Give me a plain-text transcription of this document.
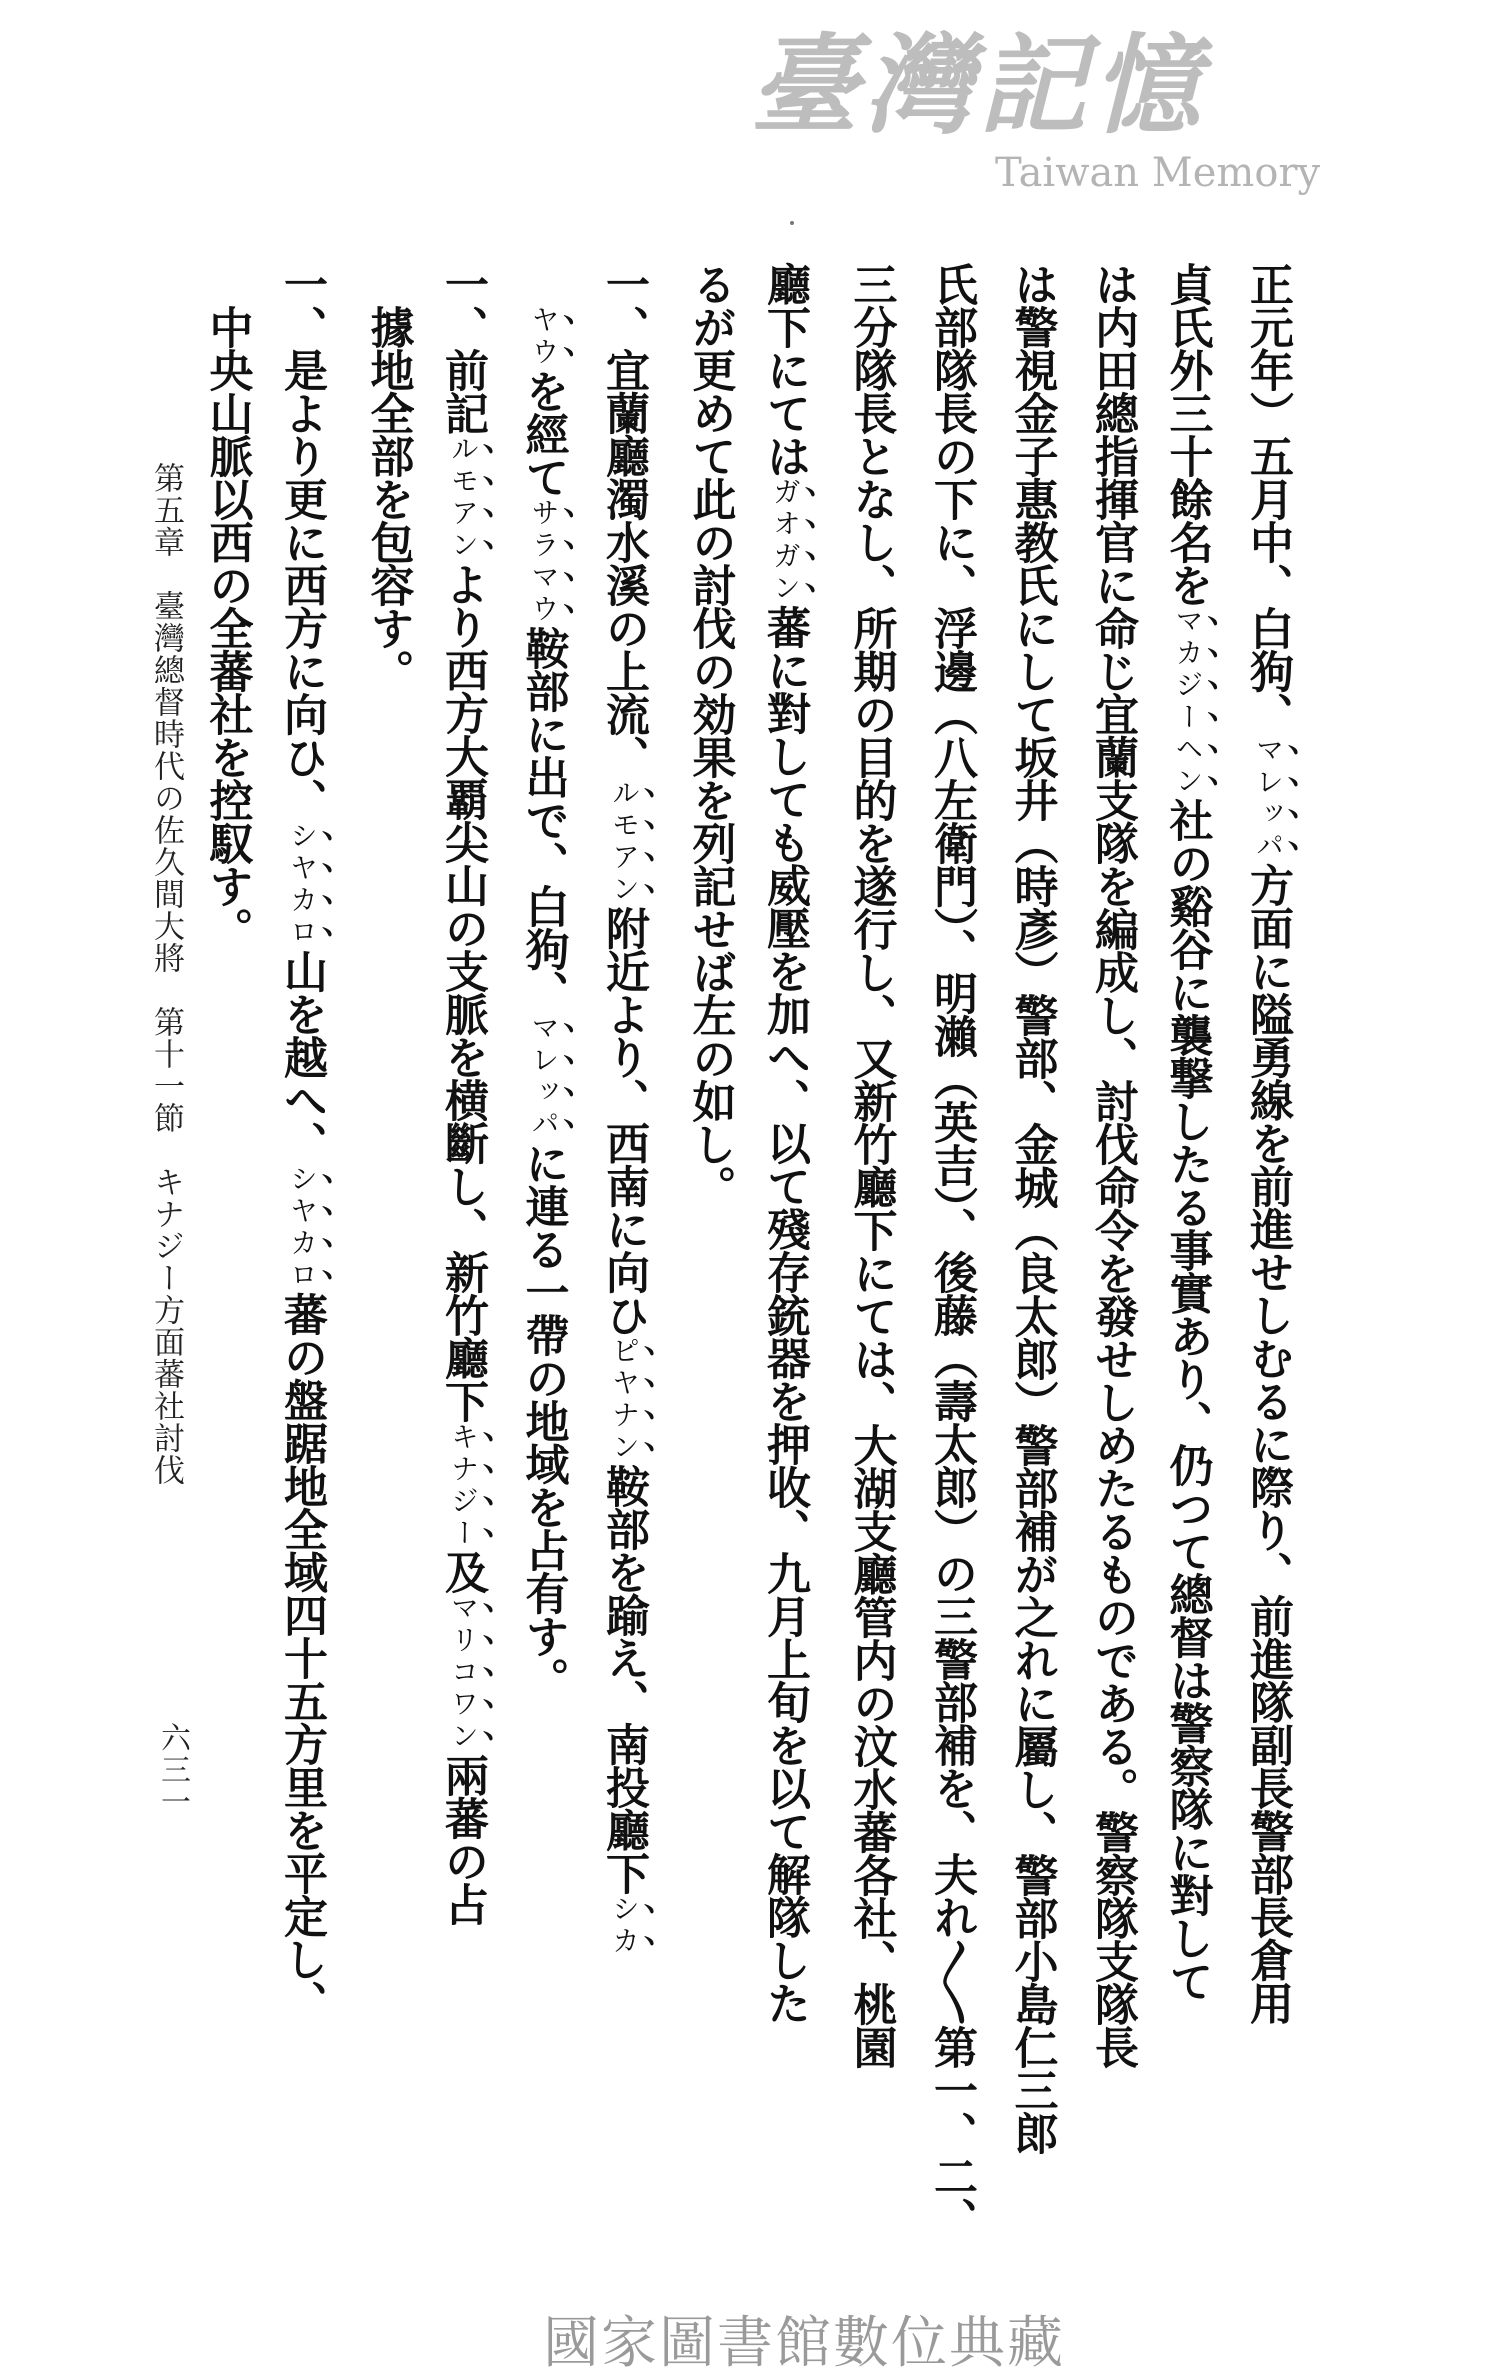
正元年）五月中、白狗、マレッパ方面に隘勇線を前進せしむるに際り、前進隊副長警部長倉用
貞氏外三十餘名をマカジーヘン社の谿谷に襲撃したる事實あり、仍つて總督は警察隊に對して
は内田總指揮官に命じ宜蘭支隊を編成し、討伐命令を發せしめたるものである。警察隊支隊長
は警視金子惠教氏にして坂井（時彥）警部、金城（良太郎）警部補が之れに屬し、警部小島仁三郎
氏部隊長の下に、浮邊（八左衛門）、明瀨（英吉）、後藤（壽太郎）の三警部補を、夫れ〳〵第一、二、
三分隊長となし、所期の目的を遂行し、又新竹廳下にては、大湖支廳管内の汶水蕃各社、桃園
廳下にてはガオガン蕃に對しても威壓を加へ、以て殘存銃器を押收、九月上旬を以て解隊した
るが更めて此の討伐の効果を列記せば左の如し。
一、宜蘭廳濁水溪の上流、ルモアン附近より、西南に向ひピヤナン鞍部を踰え、南投廳下シカ
　ヤウを經てサラマウ鞍部に出で、白狗、マレッパに連る一帶の地域を占有す。
一、前記ルモアンより西方大覇尖山の支脈を横斷し、新竹廳下キナジー及マリコワン兩蕃の占
　據地全部を包容す。
一、是より更に西方に向ひ、シヤカロ山を越へ、シヤカロ蕃の盤踞地全域四十五方里を平定し、
　中央山脈以西の全蕃社を控馭す。
第五章　臺灣總督時代の佐久間大將　第十一節　キナジー方面蕃社討伐
六三一
臺灣記憶
Taiwan Memory
國家圖書館數位典藏
